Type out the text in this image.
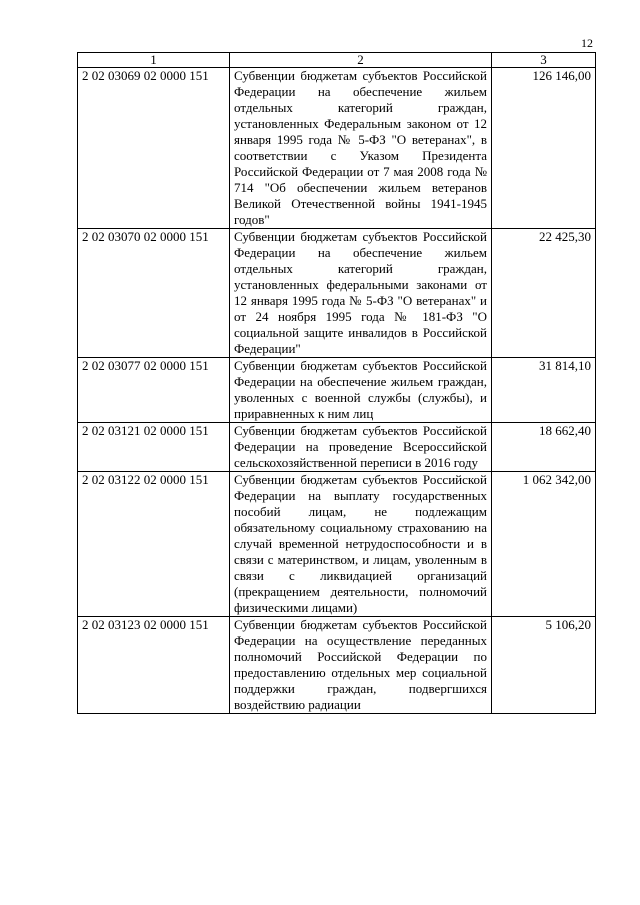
12
1	2	3
2 02 03069 02 0000 151	Субвенции бюджетам субъектов Российской Федерации на обеспечение жильем отдельных категорий граждан, установленных Федеральным законом от 12 января 1995 года № 5-ФЗ "О ветеранах", в соответствии с Указом Президента Российской Федерации от 7 мая 2008 года № 714 "Об обеспечении жильем ветеранов Великой Отечественной войны 1941-1945 годов"	126 146,00
2 02 03070 02 0000 151	Субвенции бюджетам субъектов Российской Федерации на обеспечение жильем отдельных категорий граждан, установленных федеральными законами от 12 января 1995 года № 5-ФЗ "О ветеранах" и от 24 ноября 1995 года № 181-ФЗ "О социальной защите инвалидов в Российской Федерации"	22 425,30
2 02 03077 02 0000 151	Субвенции бюджетам субъектов Российской Федерации на обеспечение жильем граждан, уволенных с военной службы (службы), и приравненных к ним лиц	31 814,10
2 02 03121 02 0000 151	Субвенции бюджетам субъектов Российской Федерации на проведение Всероссийской сельскохозяйственной переписи в 2016 году	18 662,40
2 02 03122 02 0000 151	Субвенции бюджетам субъектов Российской Федерации на выплату государственных пособий лицам, не подлежащим обязательному социальному страхованию на случай временной нетрудоспособности и в связи с материнством, и лицам, уволенным в связи с ликвидацией организаций (прекращением деятельности, полномочий физическими лицами)	1 062 342,00
2 02 03123 02 0000 151	Субвенции бюджетам субъектов Российской Федерации на осуществление переданных полномочий Российской Федерации по предоставлению отдельных мер социальной поддержки граждан, подвергшихся воздействию радиации	5 106,20
